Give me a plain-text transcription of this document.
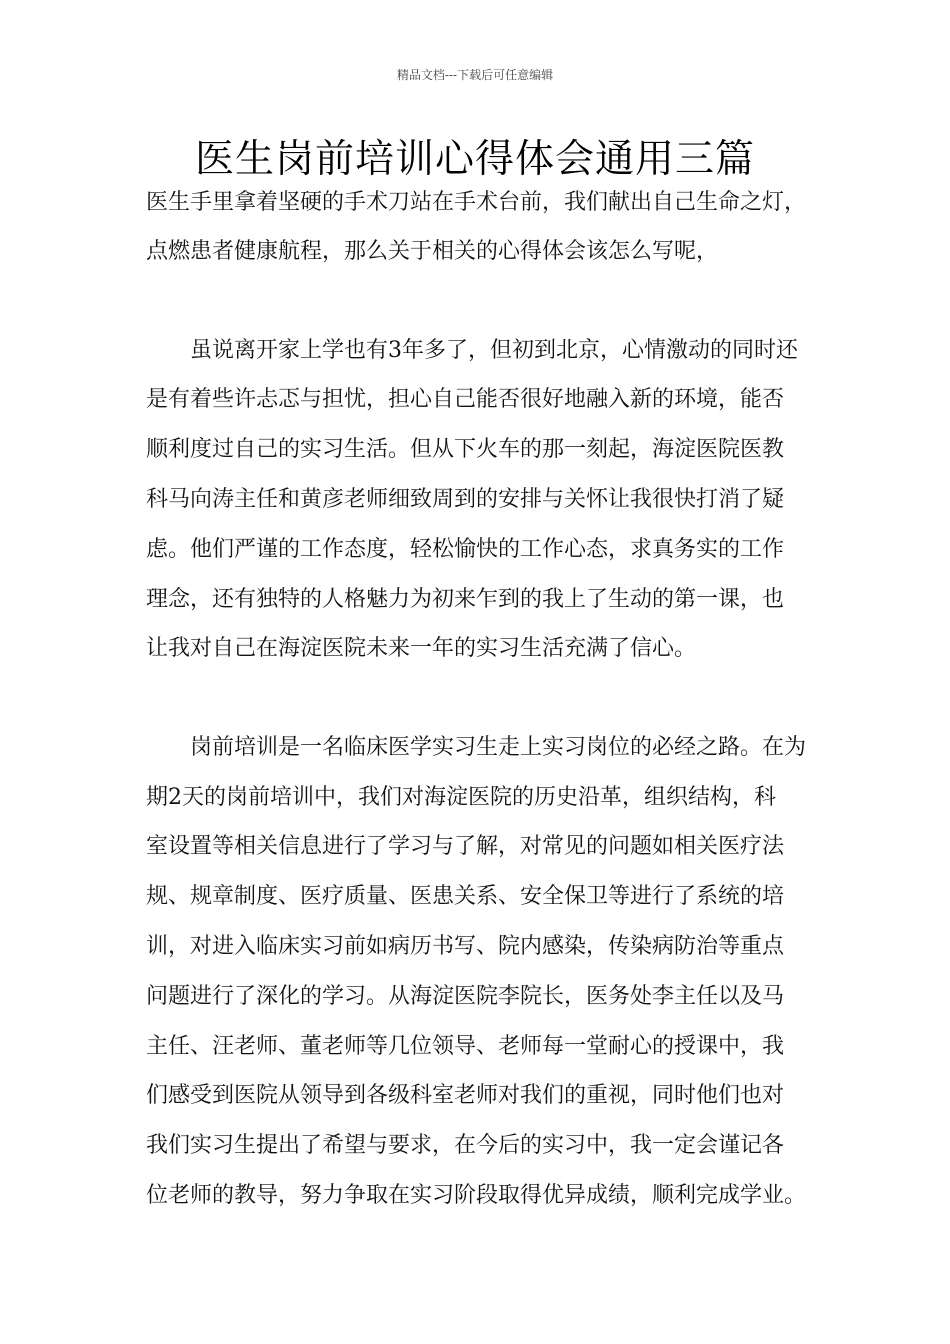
精品文档---下载后可任意编辑
医生岗前培训心得体会通用三篇
医生手里拿着坚硬的手术刀站在手术台前，我们献出自己生命之灯，
点燃患者健康航程，那么关于相关的心得体会该怎么写呢，
　　虽说离开家上学也有3年多了，但初到北京，心情激动的同时还
是有着些许忐忑与担忧，担心自己能否很好地融入新的环境，能否
顺利度过自己的实习生活。但从下火车的那一刻起，海淀医院医教
科马向涛主任和黄彦老师细致周到的安排与关怀让我很快打消了疑
虑。他们严谨的工作态度，轻松愉快的工作心态，求真务实的工作
理念，还有独特的人格魅力为初来乍到的我上了生动的第一课，也
让我对自己在海淀医院未来一年的实习生活充满了信心。
　　岗前培训是一名临床医学实习生走上实习岗位的必经之路。在为
期2天的岗前培训中，我们对海淀医院的历史沿革，组织结构，科
室设置等相关信息进行了学习与了解，对常见的问题如相关医疗法
规、规章制度、医疗质量、医患关系、安全保卫等进行了系统的培
训，对进入临床实习前如病历书写、院内感染，传染病防治等重点
问题进行了深化的学习。从海淀医院李院长，医务处李主任以及马
主任、汪老师、董老师等几位领导、老师每一堂耐心的授课中，我
们感受到医院从领导到各级科室老师对我们的重视，同时他们也对
我们实习生提出了希望与要求，在今后的实习中，我一定会谨记各
位老师的教导，努力争取在实习阶段取得优异成绩，顺利完成学业。
